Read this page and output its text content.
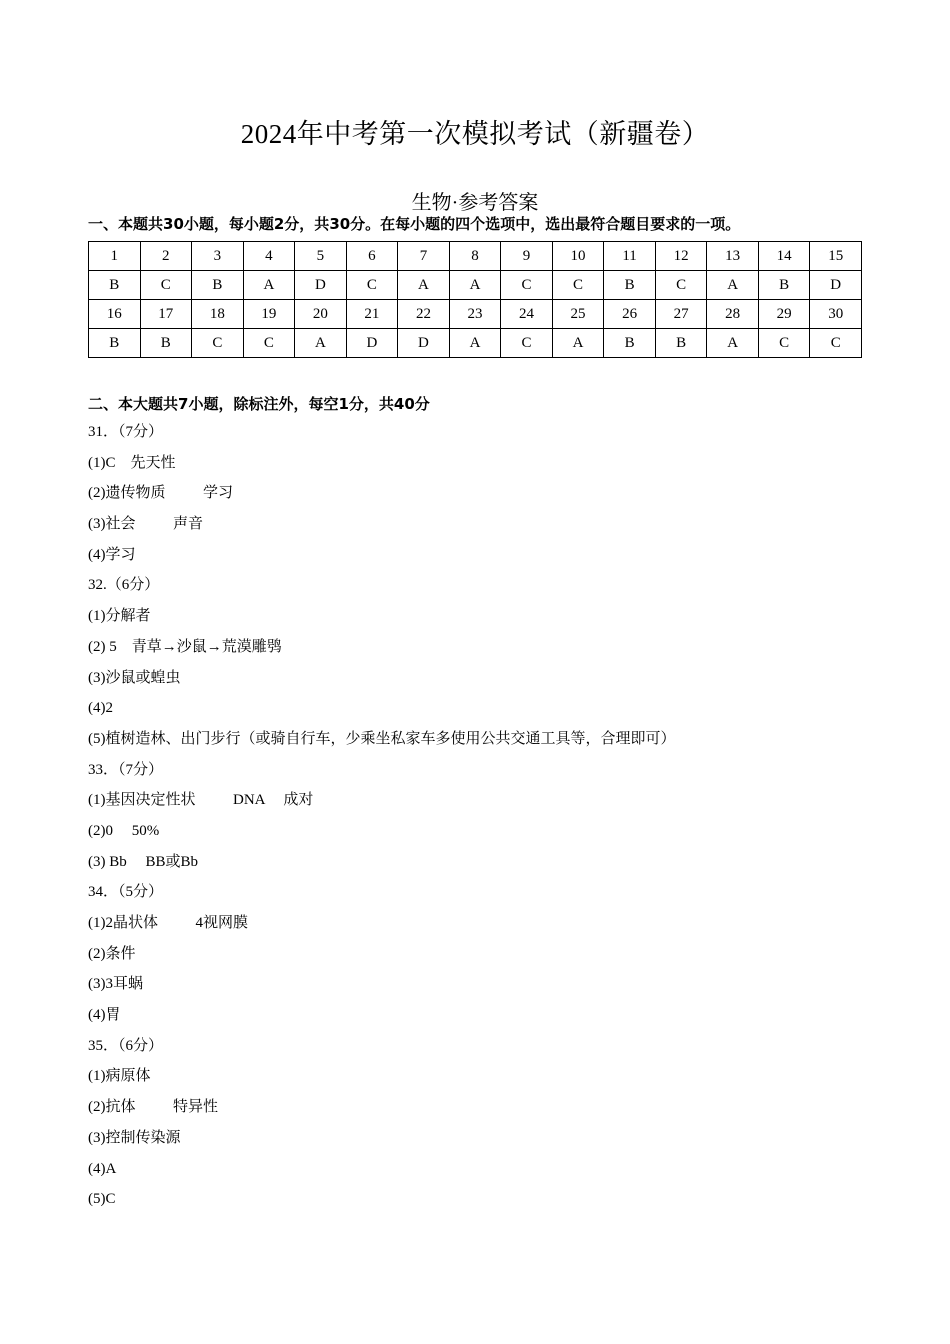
2024年中考第一次模拟考试（新疆卷）
生物·参考答案
一、本题共30小题，每小题2分，共30分。在每小题的四个选项中，选出最符合题目要求的一项。
1	2	3	4	5	6	7	8	9	10	11	12	13	14	15
B	C	B	A	D	C	A	A	C	C	B	C	A	B	D
16	17	18	19	20	21	22	23	24	25	26	27	28	29	30
B	B	C	C	A	D	D	A	C	A	B	B	A	C	C
二、本大题共7小题，除标注外，每空1分，共40分
31．（7分）
(1)C    先天性
(2)遗传物质          学习
(3)社会          声音
(4)学习
32.（6分）
(1)分解者
(2) 5    青草→沙鼠→荒漠雕鸮
(3)沙鼠或蝗虫
(4)2
(5)植树造林、出门步行（或骑自行车，少乘坐私家车多使用公共交通工具等，合理即可）
33．（7分）
(1)基因决定性状          DNA     成对
(2)0     50%
(3) Bb     BB或Bb
34．（5分）
(1)2晶状体          4视网膜
(2)条件
(3)3耳蜗
(4)胃
35．（6分）
(1)病原体
(2)抗体          特异性
(3)控制传染源
(4)A
(5)C
